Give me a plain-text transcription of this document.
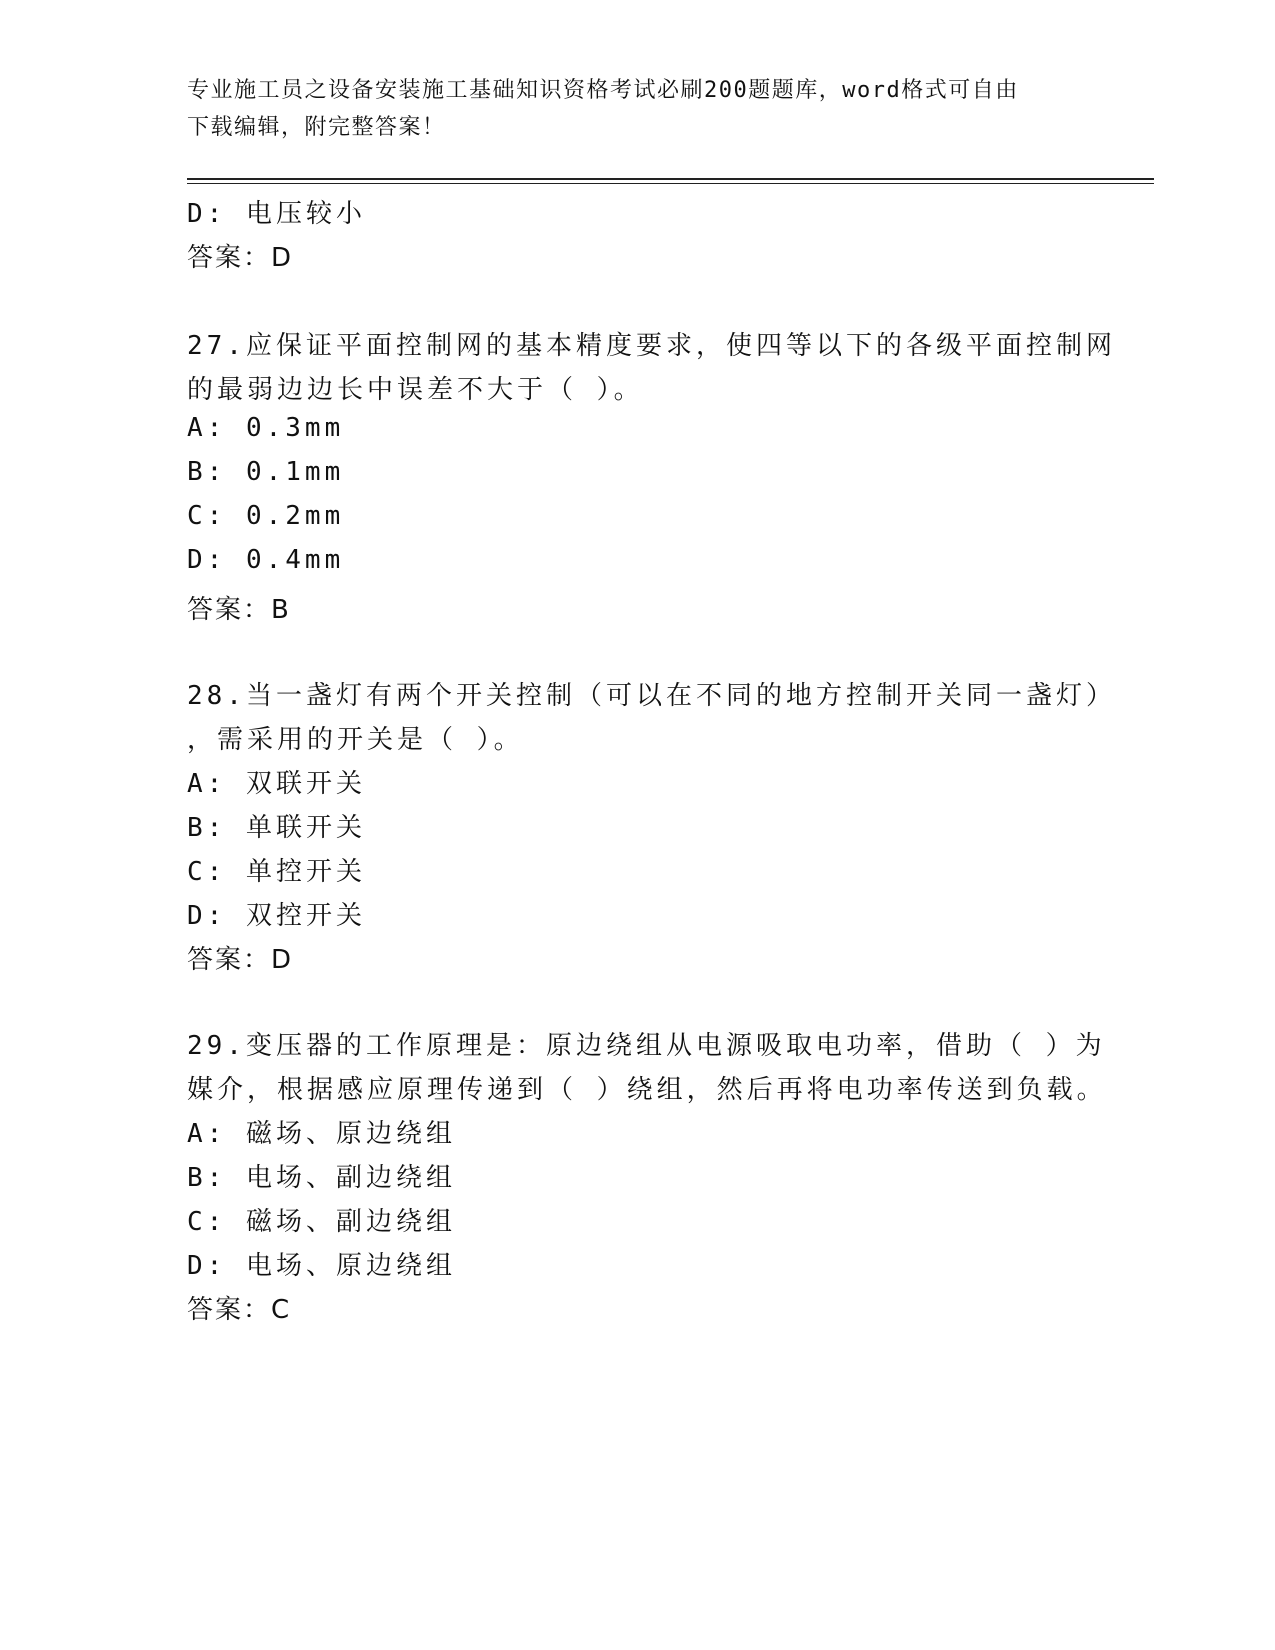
专业施工员之设备安装施工基础知识资格考试必刷200题题库，word格式可自由
下载编辑，附完整答案！
D: 电压较小
答案：D
27.应保证平面控制网的基本精度要求，使四等以下的各级平面控制网
的最弱边边长中误差不大于（ ）。
A: 0.3mm
B: 0.1mm
C: 0.2mm
D: 0.4mm
答案：B
28.当一盏灯有两个开关控制（可以在不同的地方控制开关同一盏灯）
，需采用的开关是（ ）。
A: 双联开关
B: 单联开关
C: 单控开关
D: 双控开关
答案：D
29.变压器的工作原理是：原边绕组从电源吸取电功率，借助（ ）为
媒介，根据感应原理传递到（ ）绕组，然后再将电功率传送到负载。
A: 磁场、原边绕组
B: 电场、副边绕组
C: 磁场、副边绕组
D: 电场、原边绕组
答案：C
